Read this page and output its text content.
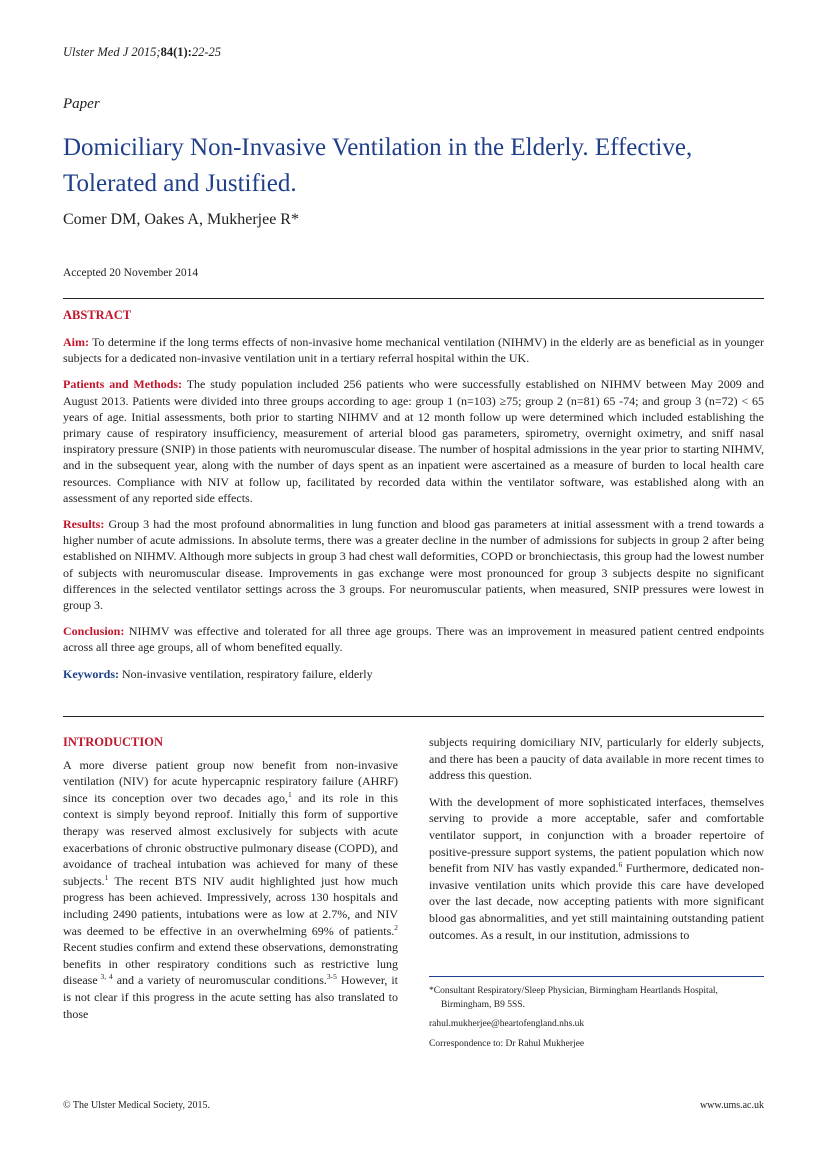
Ulster Med J 2015;84(1):22-25
Paper
Domiciliary Non-Invasive Ventilation in the Elderly. Effective, Tolerated and Justified.
Comer DM, Oakes A, Mukherjee R*
Accepted 20 November 2014
ABSTRACT

Aim: To determine if the long terms effects of non-invasive home mechanical ventilation (NIHMV) in the elderly are as beneficial as in younger subjects for a dedicated non-invasive ventilation unit in a tertiary referral hospital within the UK.

Patients and Methods: The study population included 256 patients who were successfully established on NIHMV between May 2009 and August 2013. Patients were divided into three groups according to age: group 1 (n=103) ≥75; group 2 (n=81) 65 -74; and group 3 (n=72) < 65 years of age. Initial assessments, both prior to starting NIHMV and at 12 month follow up were determined which included establishing the primary cause of respiratory insufficiency, measurement of arterial blood gas parameters, spirometry, overnight oximetry, and sniff nasal inspiratory pressure (SNIP) in those patients with neuromuscular disease. The number of hospital admissions in the year prior to starting NIHMV, and in the subsequent year, along with the number of days spent as an inpatient were ascertained as a measure of burden to local health care resources. Compliance with NIV at follow up, facilitated by recorded data within the ventilator software, was established along with an assessment of any reported side effects.

Results: Group 3 had the most profound abnormalities in lung function and blood gas parameters at initial assessment with a trend towards a higher number of acute admissions. In absolute terms, there was a greater decline in the number of admissions for subjects in group 2 after being established on NIHMV. Although more subjects in group 3 had chest wall deformities, COPD or bronchiectasis, this group had the lowest number of subjects with neuromuscular disease. Improvements in gas exchange were most pronounced for group 3 subjects despite no significant differences in the selected ventilator settings across the 3 groups. For neuromuscular patients, when measured, SNIP pressures were lowest in group 3.

Conclusion: NIHMV was effective and tolerated for all three age groups. There was an improvement in measured patient centred endpoints across all three age groups, all of whom benefited equally.

Keywords: Non-invasive ventilation, respiratory failure, elderly

INTRODUCTION

A more diverse patient group now benefit from non-invasive ventilation (NIV) for acute hypercapnic respiratory failure (AHRF) since its conception over two decades ago,$^1$ and its role in this context is simply beyond reproof. Initially this form of supportive therapy was reserved almost exclusively for subjects with acute exacerbations of chronic obstructive pulmonary disease (COPD), and avoidance of tracheal intubation was achieved for many of these subjects.$^1$ The recent BTS NIV audit highlighted just how much progress has been achieved. Impressively, across 130 hospitals and including 2490 patients, intubations were as low at 2.7%, and NIV was deemed to be effective in an overwhelming 69% of patients.$^2$ Recent studies confirm and extend these observations, demonstrating benefits in other respiratory conditions such as restrictive lung disease $^{3, 4}$ and a variety of neuromuscular conditions.$^{3-5}$ However, it is not clear if this progress in the acute setting has also translated to those

subjects requiring domiciliary NIV, particularly for elderly subjects, and there has been a paucity of data available in more recent times to address this question.

With the development of more sophisticated interfaces, themselves serving to provide a more acceptable, safer and comfortable ventilator support, in conjunction with a broader repertoire of positive-pressure support systems, the patient population which now benefit from NIV has vastly expanded.$^6$ Furthermore, dedicated non-invasive ventilation units which provide this care have developed over the last decade, now accepting patients with more significant blood gas abnormalities, and yet still maintaining outstanding patient outcomes. As a result, in our institution, admissions to

*Consultant Respiratory/Sleep Physician, Birmingham Heartlands Hospital,
Birmingham, B9 5SS.

rahul.mukherjee@heartofengland.nhs.uk

Correspondence to: Dr Rahul Mukherjee

© The Ulster Medical Society, 2015.	www.ums.ac.uk
